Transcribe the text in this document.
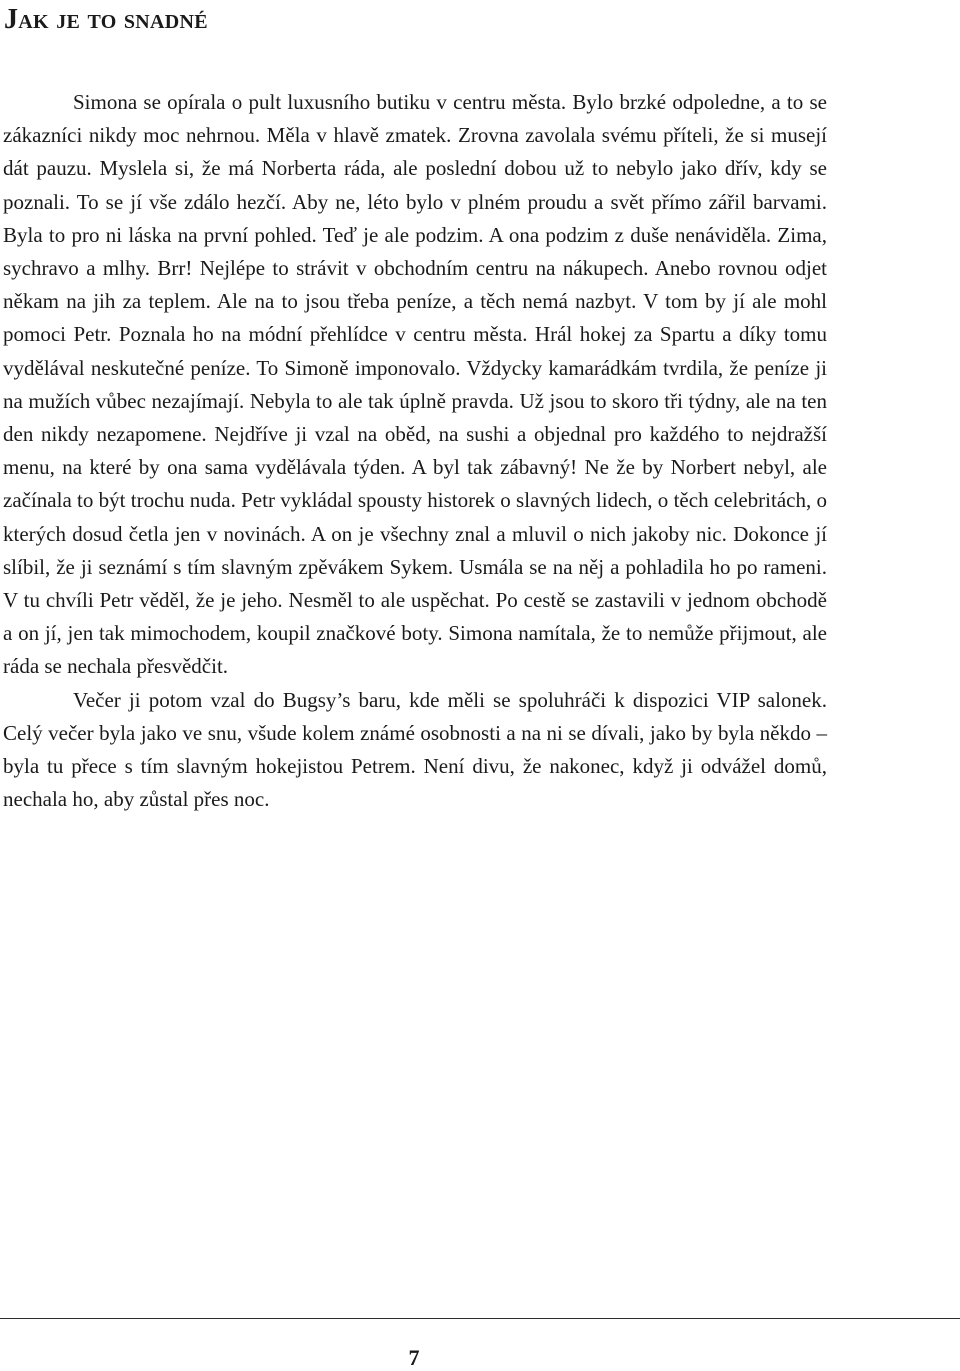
Jak je to snadné

Simona se opírala o pult luxusního butiku v centru města. Bylo brzké odpoledne, a to se zákazníci nikdy moc nehrnou. Měla v hlavě zmatek. Zrovna zavolala svému příteli, že si musejí dát pauzu. Myslela si, že má Norberta ráda, ale poslední dobou už to nebylo jako dřív, kdy se poznali. To se jí vše zdálo hezčí. Aby ne, léto bylo v plném proudu a svět přímo zářil barvami. Byla to pro ni láska na první pohled. Teď je ale podzim. A ona podzim z duše nenáviděla. Zima, sychravo a mlhy. Brr! Nejlépe to strávit v obchodním centru na nákupech. Anebo rovnou odjet někam na jih za teplem. Ale na to jsou třeba peníze, a těch nemá nazbyt. V tom by jí ale mohl pomoci Petr. Poznala ho na módní přehlídce v centru města. Hrál hokej za Spartu a díky tomu vydělával neskutečné peníze. To Simoně imponovalo. Vždycky kamarádkám tvrdila, že peníze ji na mužích vůbec nezajímají. Nebyla to ale tak úplně pravda. Už jsou to skoro tři týdny, ale na ten den nikdy nezapomene. Nejdříve ji vzal na oběd, na sushi a objednal pro každého to nejdražší menu, na které by ona sama vydělávala týden. A byl tak zábavný! Ne že by Norbert nebyl, ale začínala to být trochu nuda. Petr vykládal spousty historek o slavných lidech, o těch celebritách, o kterých dosud četla jen v novinách. A on je všechny znal a mluvil o nich jakoby nic. Dokonce jí slíbil, že ji seznámí s tím slavným zpěvákem Sykem. Usmála se na něj a pohladila ho po rameni. V tu chvíli Petr věděl, že je jeho. Nesměl to ale uspěchat. Po cestě se zastavili v jednom obchodě a on jí, jen tak mimochodem, koupil značkové boty. Simona namítala, že to nemůže přijmout, ale ráda se nechala přesvědčit.

Večer ji potom vzal do Bugsy’s baru, kde měli se spoluhráči k dispozici VIP salonek. Celý večer byla jako ve snu, všude kolem známé osobnosti a na ni se dívali, jako by byla někdo – byla tu přece s tím slavným hokejistou Petrem. Není divu, že nakonec, když ji odvážel domů, nechala ho, aby zůstal přes noc.

7
